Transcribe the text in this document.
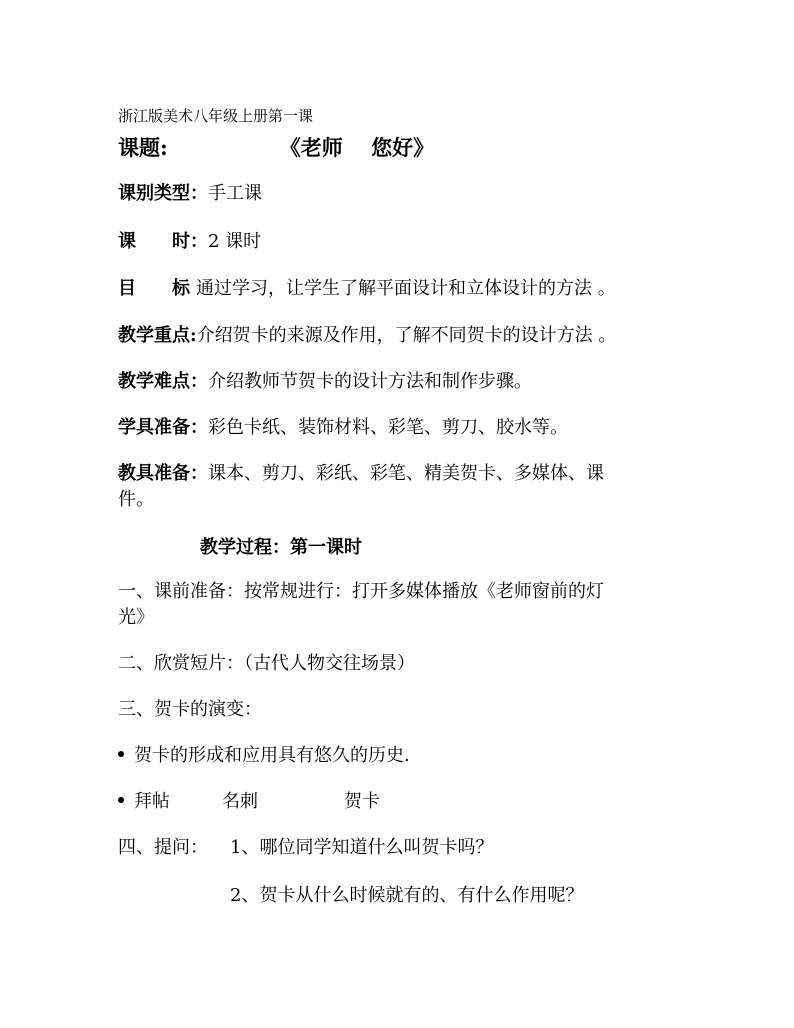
浙江版美术八年级上册第一课
课题:	《老师　 您好》
课别类型：手工课
课　　时：2 课时
目　　标 通过学习，让学生了解平面设计和立体设计的方法 。
教学重点:介绍贺卡的来源及作用，了解不同贺卡的设计方法 。
教学难点：介绍教师节贺卡的设计方法和制作步骤。
学具准备：彩色卡纸、装饰材料、彩笔、剪刀、胶水等。
教具准备：课本、剪刀、彩纸、彩笔、精美贺卡、多媒体、课
件。
教学过程：第一课时
一、课前准备：按常规进行：打开多媒体播放《老师窗前的灯
光》
二、欣赏短片：（古代人物交往场景）
三、贺卡的演变：
贺卡的形成和应用具有悠久的历史.
拜帖	名刺	贺卡
四、提问： 1、哪位同学知道什么叫贺卡吗？
2、贺卡从什么时候就有的、有什么作用呢？
